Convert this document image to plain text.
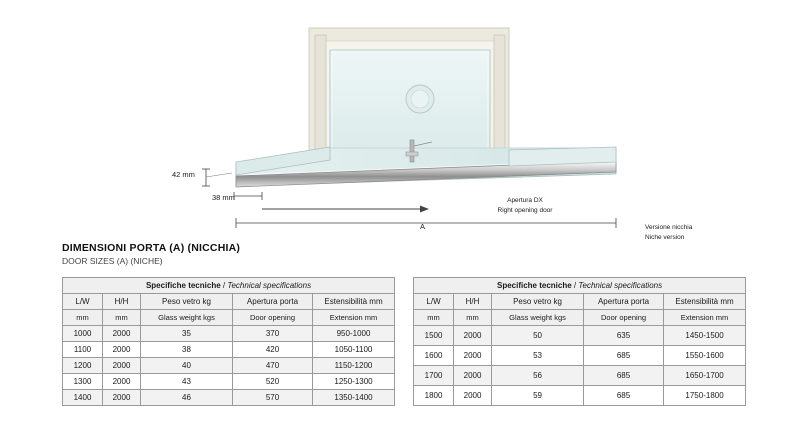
42 mm
38 mm
A
Apertura DX
Right opening door
Versione nicchia
Niche version
DIMENSIONI PORTA (A) (NICCHIA)
DOOR SIZES (A) (NICHE)
Specifiche tecniche / Technical specifications				
L/W	H/H	Peso vetro kg	Apertura porta	Estensibilità mm
mm	mm	Glass weight kgs	Door opening	Extension mm
1000	2000	35	370	950-1000
1100	2000	38	420	1050-1100
1200	2000	40	470	1150-1200
1300	2000	43	520	1250-1300
1400	2000	46	570	1350-1400
Specifiche tecniche / Technical specifications				
L/W	H/H	Peso vetro kg	Apertura porta	Estensibilità mm
mm	mm	Glass weight kgs	Door opening	Extension mm
1500	2000	50	635	1450-1500
1600	2000	53	685	1550-1600
1700	2000	56	685	1650-1700
1800	2000	59	685	1750-1800
